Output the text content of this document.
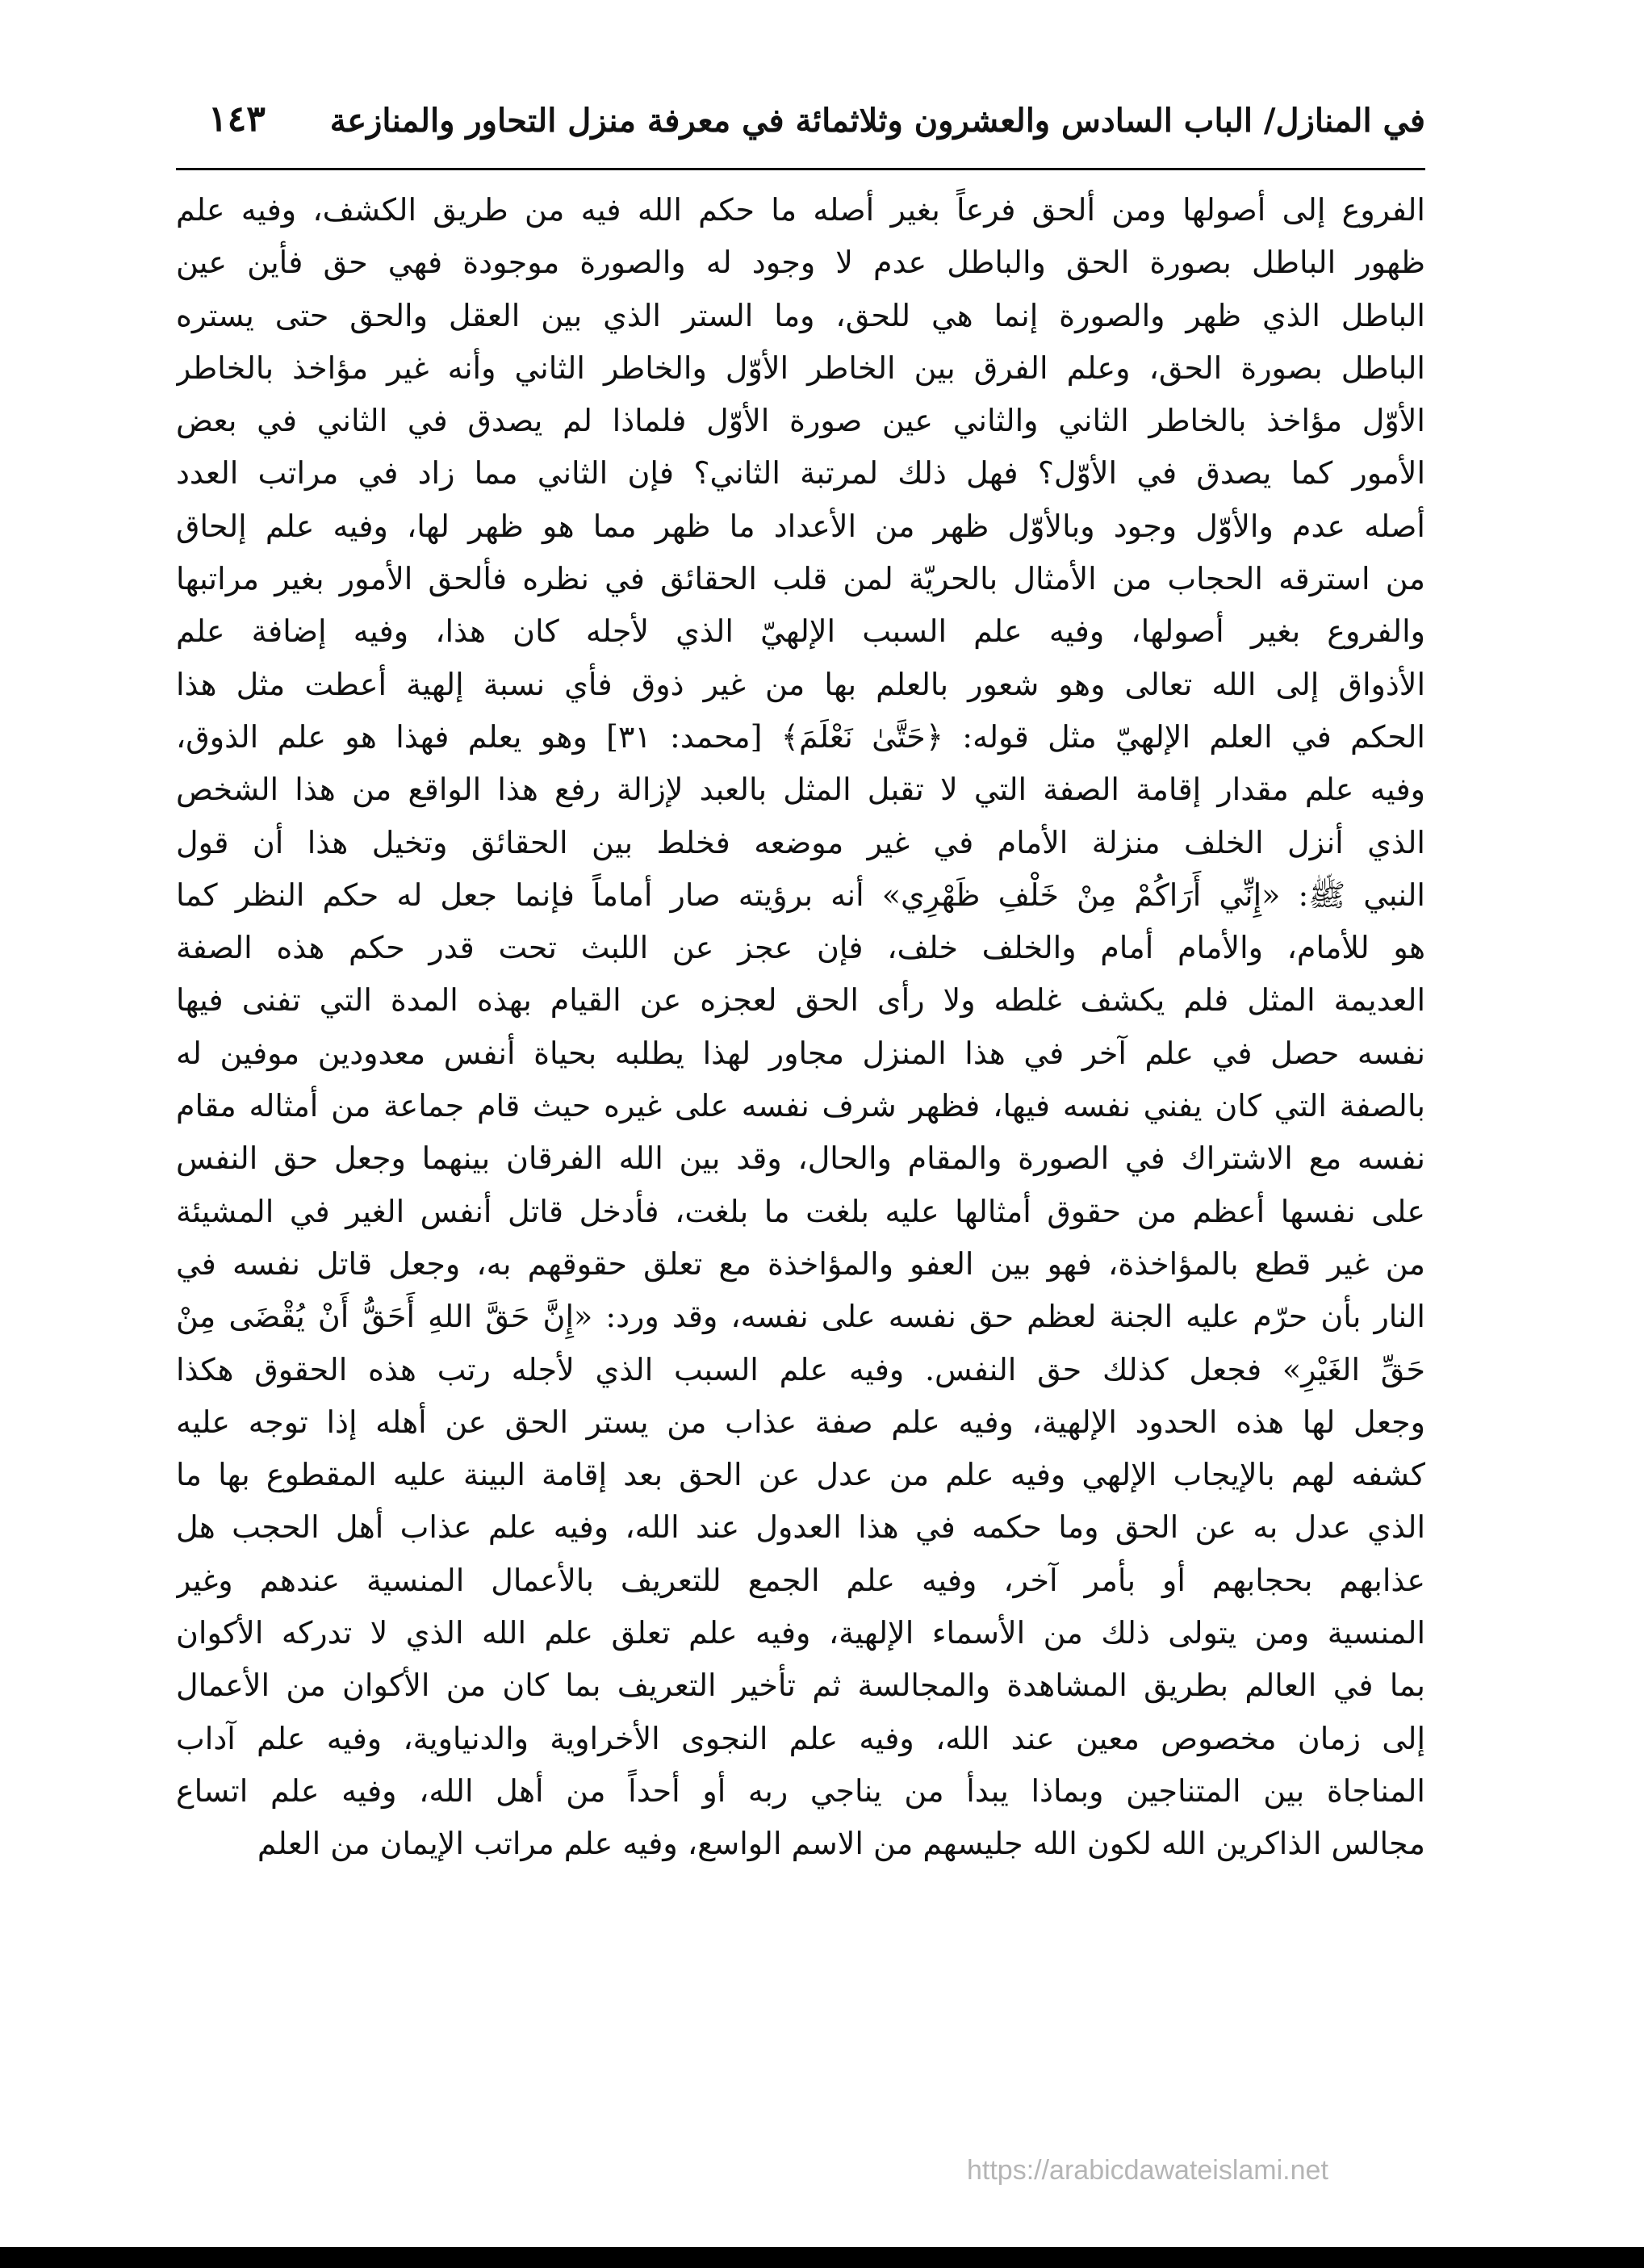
في المنازل/ الباب السادس والعشرون وثلاثمائة في معرفة منزل التحاور والمنازعة
١٤٣
الفروع إلى أصولها ومن ألحق فرعاً بغير أصله ما حكم الله فيه من طريق الكشف، وفيه علم
ظهور الباطل بصورة الحق والباطل عدم لا وجود له والصورة موجودة فهي حق فأين عين
الباطل الذي ظهر والصورة إنما هي للحق، وما الستر الذي بين العقل والحق حتى يستره
الباطل بصورة الحق، وعلم الفرق بين الخاطر الأوّل والخاطر الثاني وأنه غير مؤاخذ بالخاطر
الأوّل مؤاخذ بالخاطر الثاني والثاني عين صورة الأوّل فلماذا لم يصدق في الثاني في بعض
الأمور كما يصدق في الأوّل؟ فهل ذلك لمرتبة الثاني؟ فإن الثاني مما زاد في مراتب العدد
أصله عدم والأوّل وجود وبالأوّل ظهر من الأعداد ما ظهر مما هو ظهر لها، وفيه علم إلحاق
من استرقه الحجاب من الأمثال بالحريّة لمن قلب الحقائق في نظره فألحق الأمور بغير مراتبها
والفروع بغير أصولها، وفيه علم السبب الإلهيّ الذي لأجله كان هذا، وفيه إضافة علم
الأذواق إلى الله تعالى وهو شعور بالعلم بها من غير ذوق فأي نسبة إلهية أعطت مثل هذا
الحكم في العلم الإلهيّ مثل قوله: ﴿حَتَّىٰ نَعْلَمَ﴾ [محمد: ٣١] وهو يعلم فهذا هو علم الذوق،
وفيه علم مقدار إقامة الصفة التي لا تقبل المثل بالعبد لإزالة رفع هذا الواقع من هذا الشخص
الذي أنزل الخلف منزلة الأمام في غير موضعه فخلط بين الحقائق وتخيل هذا أن قول
النبي ﷺ: «إِنِّي أَرَاكُمْ مِنْ خَلْفِ ظَهْرِي» أنه برؤيته صار أماماً فإنما جعل له حكم النظر كما
هو للأمام، والأمام أمام والخلف خلف، فإن عجز عن اللبث تحت قدر حكم هذه الصفة
العديمة المثل فلم يكشف غلطه ولا رأى الحق لعجزه عن القيام بهذه المدة التي تفنى فيها
نفسه حصل في علم آخر في هذا المنزل مجاور لهذا يطلبه بحياة أنفس معدودين موفين له
بالصفة التي كان يفني نفسه فيها، فظهر شرف نفسه على غيره حيث قام جماعة من أمثاله مقام
نفسه مع الاشتراك في الصورة والمقام والحال، وقد بين الله الفرقان بينهما وجعل حق النفس
على نفسها أعظم من حقوق أمثالها عليه بلغت ما بلغت، فأدخل قاتل أنفس الغير في المشيئة
من غير قطع بالمؤاخذة، فهو بين العفو والمؤاخذة مع تعلق حقوقهم به، وجعل قاتل نفسه في
النار بأن حرّم عليه الجنة لعظم حق نفسه على نفسه، وقد ورد: «إِنَّ حَقَّ اللهِ أَحَقُّ أَنْ يُقْضَى مِنْ
حَقِّ الغَيْرِ» فجعل كذلك حق النفس. وفيه علم السبب الذي لأجله رتب هذه الحقوق هكذا
وجعل لها هذه الحدود الإلهية، وفيه علم صفة عذاب من يستر الحق عن أهله إذا توجه عليه
كشفه لهم بالإيجاب الإلهي وفيه علم من عدل عن الحق بعد إقامة البينة عليه المقطوع بها ما
الذي عدل به عن الحق وما حكمه في هذا العدول عند الله، وفيه علم عذاب أهل الحجب هل
عذابهم بحجابهم أو بأمر آخر، وفيه علم الجمع للتعريف بالأعمال المنسية عندهم وغير
المنسية ومن يتولى ذلك من الأسماء الإلهية، وفيه علم تعلق علم الله الذي لا تدركه الأكوان
بما في العالم بطريق المشاهدة والمجالسة ثم تأخير التعريف بما كان من الأكوان من الأعمال
إلى زمان مخصوص معين عند الله، وفيه علم النجوى الأخراوية والدنياوية، وفيه علم آداب
المناجاة بين المتناجين وبماذا يبدأ من يناجي ربه أو أحداً من أهل الله، وفيه علم اتساع
مجالس الذاكرين الله لكون الله جليسهم من الاسم الواسع، وفيه علم مراتب الإيمان من العلم
https://arabicdawateislami.net
